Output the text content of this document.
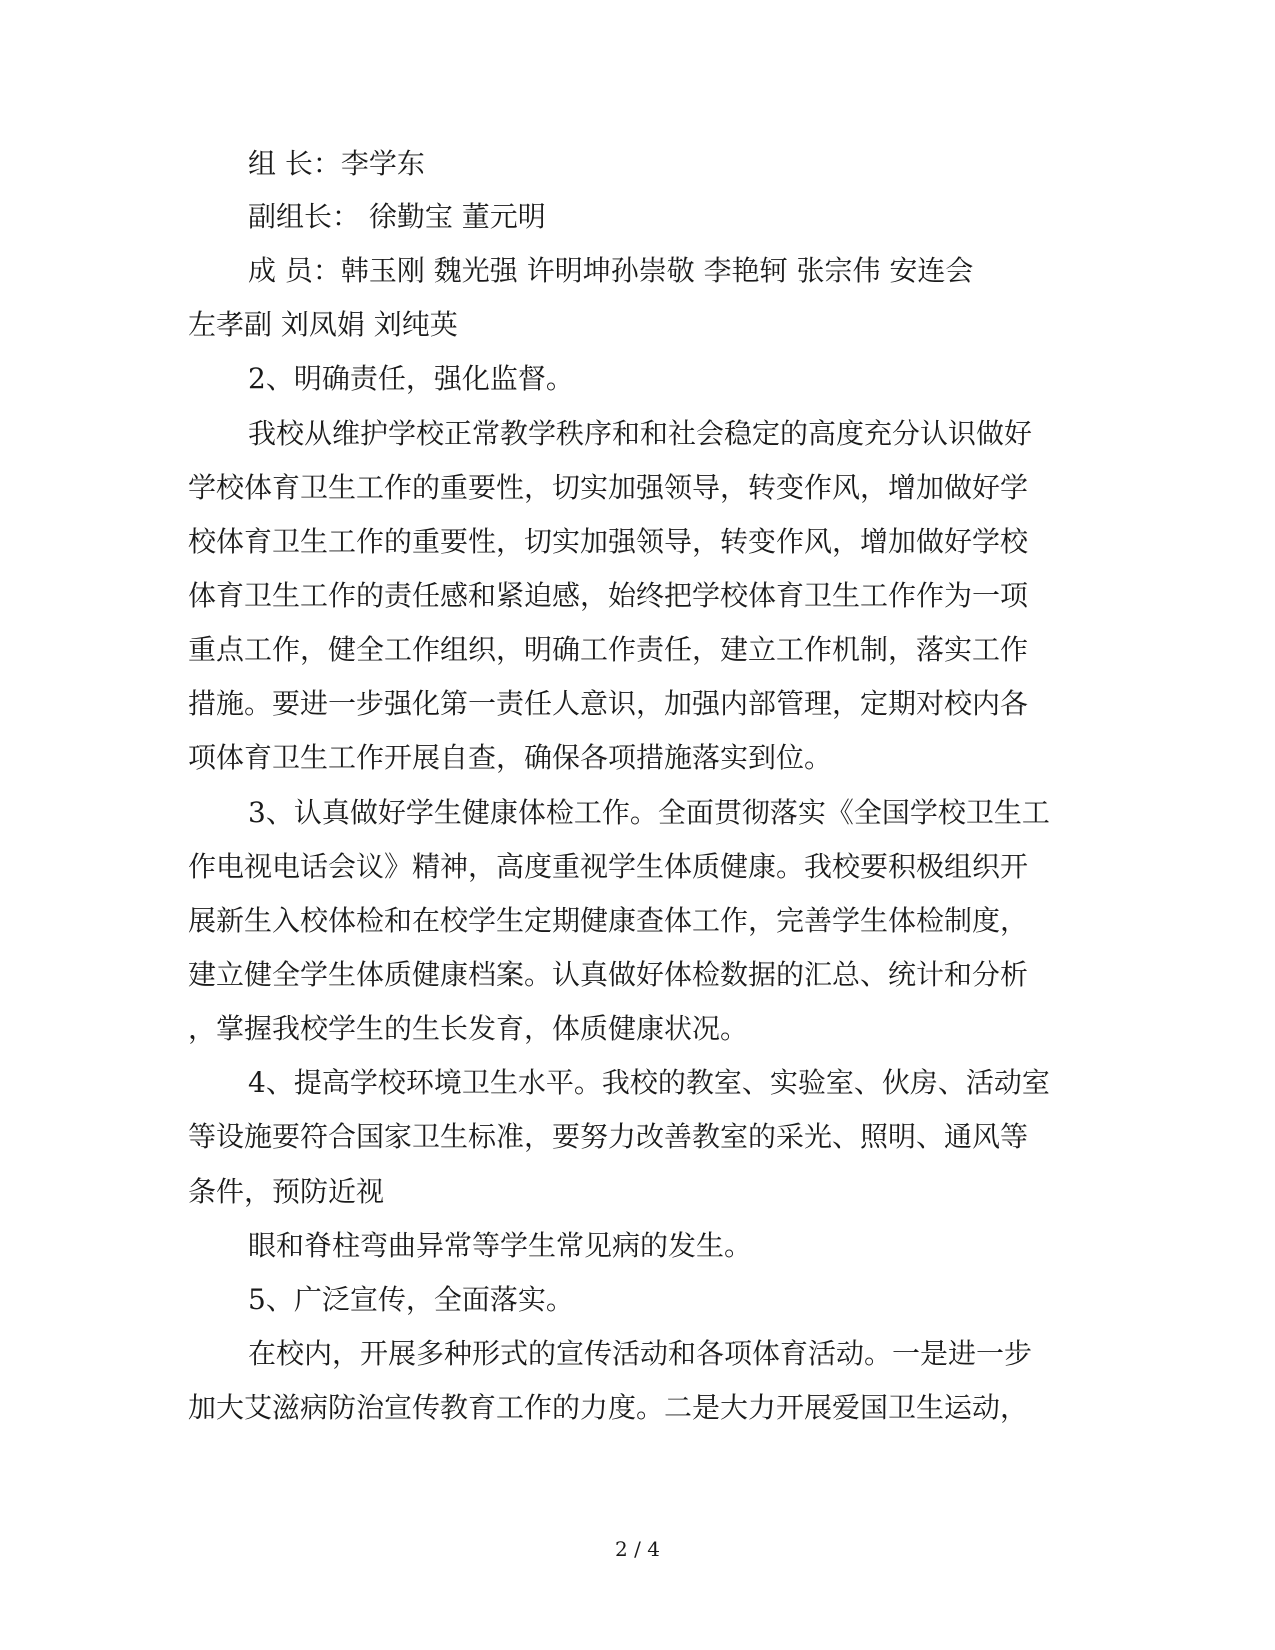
组 长：李学东
副组长： 徐勤宝 董元明
成 员：韩玉刚 魏光强 许明坤孙崇敬 李艳轲 张宗伟 安连会
左孝副 刘凤娟 刘纯英
2、明确责任，强化监督。
我校从维护学校正常教学秩序和和社会稳定的高度充分认识做好
学校体育卫生工作的重要性，切实加强领导，转变作风，增加做好学
校体育卫生工作的重要性，切实加强领导，转变作风，增加做好学校
体育卫生工作的责任感和紧迫感，始终把学校体育卫生工作作为一项
重点工作，健全工作组织，明确工作责任，建立工作机制，落实工作
措施。要进一步强化第一责任人意识，加强内部管理，定期对校内各
项体育卫生工作开展自查，确保各项措施落实到位。
3、认真做好学生健康体检工作。全面贯彻落实《全国学校卫生工
作电视电话会议》精神，高度重视学生体质健康。我校要积极组织开
展新生入校体检和在校学生定期健康查体工作，完善学生体检制度，
建立健全学生体质健康档案。认真做好体检数据的汇总、统计和分析
，掌握我校学生的生长发育，体质健康状况。
4、提高学校环境卫生水平。我校的教室、实验室、伙房、活动室
等设施要符合国家卫生标准，要努力改善教室的采光、照明、通风等
条件，预防近视
眼和脊柱弯曲异常等学生常见病的发生。
5、广泛宣传，全面落实。
在校内，开展多种形式的宣传活动和各项体育活动。一是进一步
加大艾滋病防治宣传教育工作的力度。二是大力开展爱国卫生运动，
2 / 4
